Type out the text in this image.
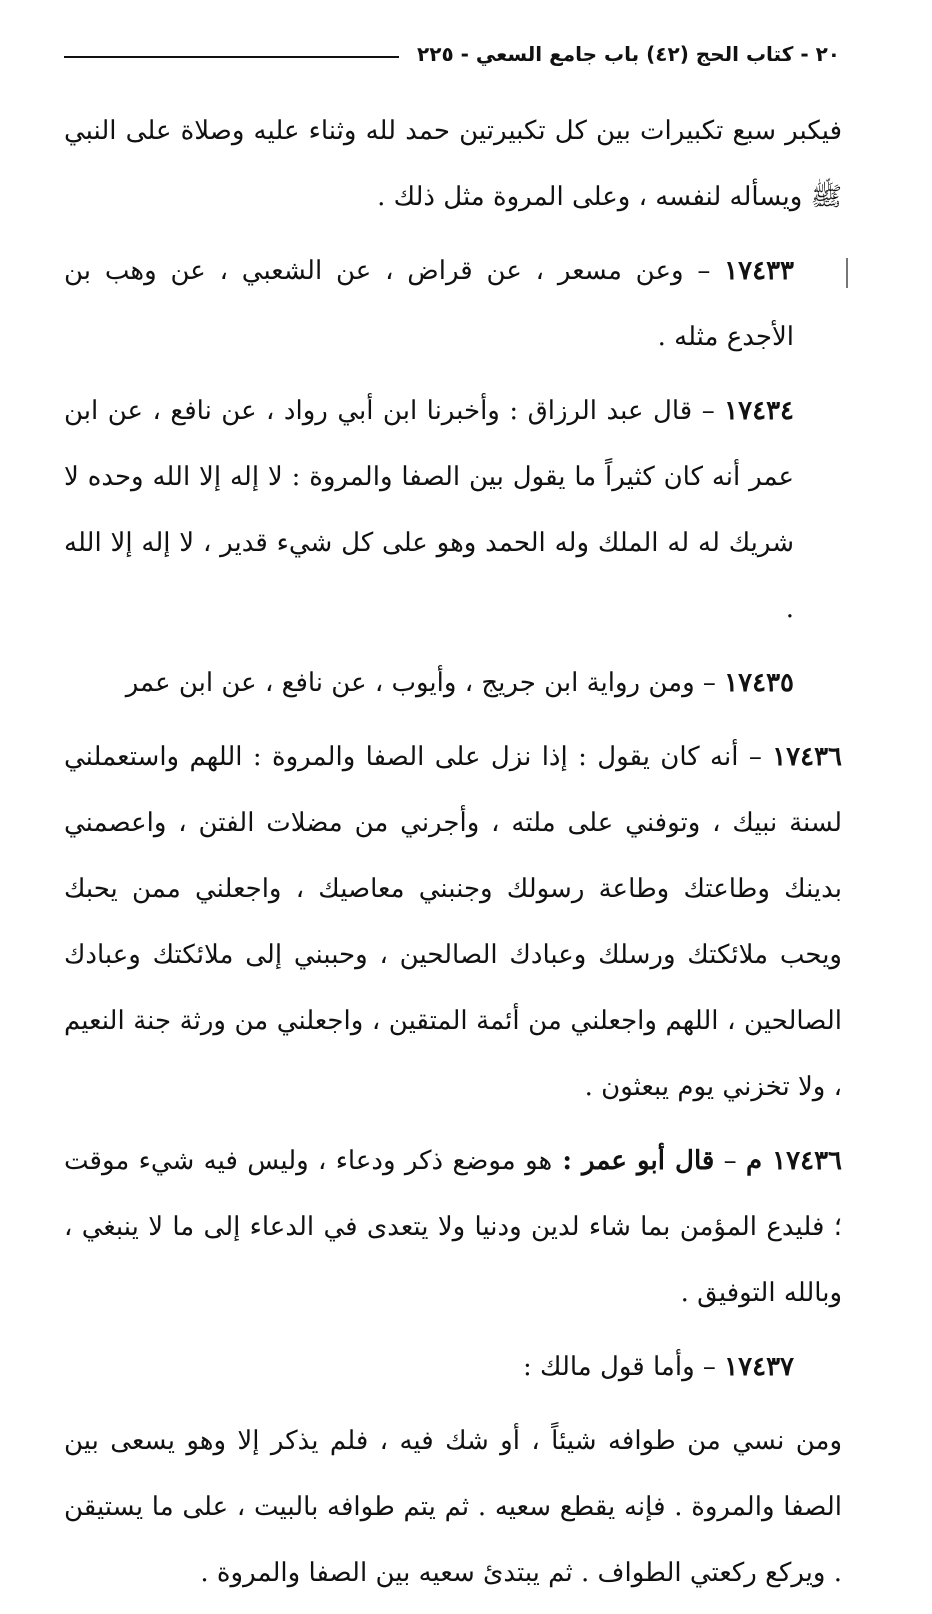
٢٠ - كتاب الحج (٤٢) باب جامع السعي - ٢٢٥

فيكبر سبع تكبيرات بين كل تكبيرتين حمد لله وثناء عليه وصلاة على النبي ﷺ ويسأله لنفسه ، وعلى المروة مثل ذلك .

١٧٤٣٣ – وعن مسعر ، عن قراض ، عن الشعبي ، عن وهب بن الأجدع مثله .

١٧٤٣٤ – قال عبد الرزاق : وأخبرنا ابن أبي رواد ، عن نافع ، عن ابن عمر أنه كان كثيراً ما يقول بين الصفا والمروة : لا إله إلا الله وحده لا شريك له له الملك وله الحمد وهو على كل شيء قدير ، لا إله إلا الله .

١٧٤٣٥ – ومن رواية ابن جريج ، وأيوب ، عن نافع ، عن ابن عمر

١٧٤٣٦ – أنه كان يقول : إذا نزل على الصفا والمروة : اللهم واستعملني لسنة نبيك ، وتوفني على ملته ، وأجرني من مضلات الفتن ، واعصمني بدينك وطاعتك وطاعة رسولك وجنبني معاصيك ، واجعلني ممن يحبك ويحب ملائكتك ورسلك وعبادك الصالحين ، وحببني إلى ملائكتك وعبادك الصالحين ، اللهم واجعلني من أئمة المتقين ، واجعلني من ورثة جنة النعيم ، ولا تخزني يوم يبعثون .

١٧٤٣٦ م – قال أبو عمر : هو موضع ذكر ودعاء ، وليس فيه شيء موقت ؛ فليدع المؤمن بما شاء لدين ودنيا ولا يتعدى في الدعاء إلى ما لا ينبغي ، وبالله التوفيق .

١٧٤٣٧ – وأما قول مالك :

ومن نسي من طوافه شيئاً ، أو شك فيه ، فلم يذكر إلا وهو يسعى بين الصفا والمروة . فإنه يقطع سعيه . ثم يتم طوافه بالبيت ، على ما يستيقن . ويركع ركعتي الطواف . ثم يبتدئ سعيه بين الصفا والمروة .
